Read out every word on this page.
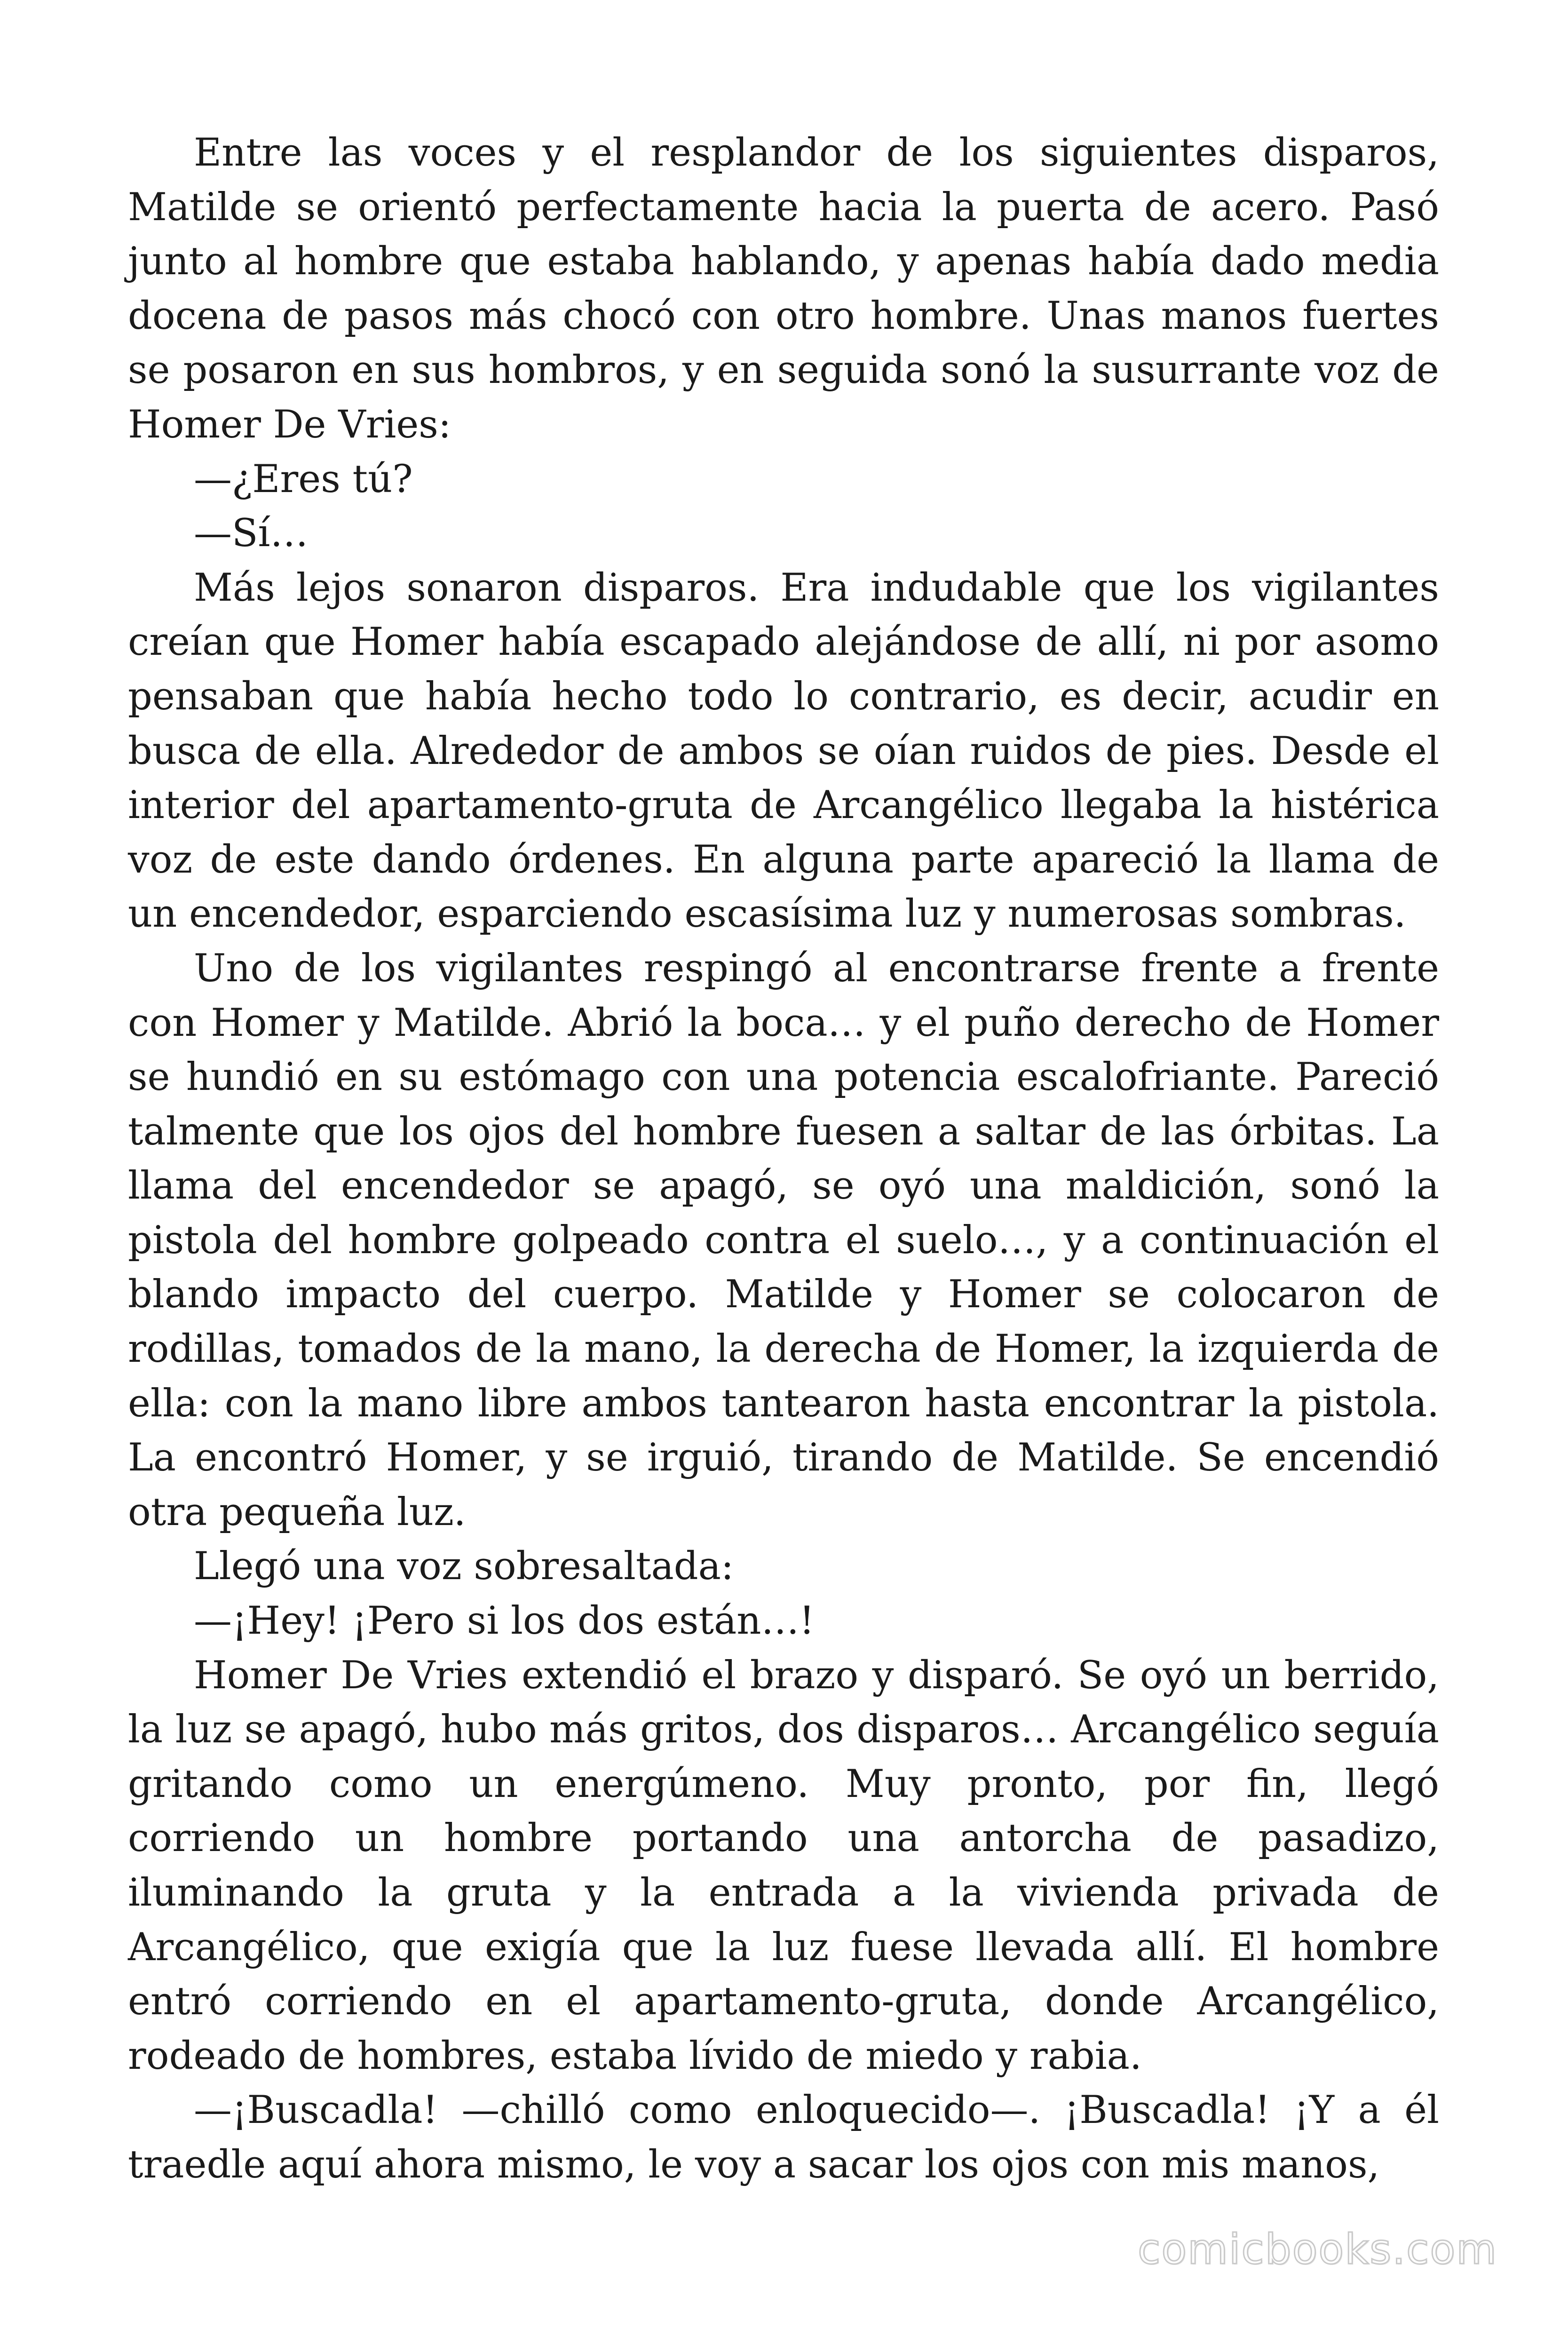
Entre las voces y el resplandor de los siguientes disparos, Matilde se orientó perfectamente hacia la puerta de acero. Pasó junto al hombre que estaba hablando, y apenas había dado media docena de pasos más chocó con otro hombre. Unas manos fuertes se posaron en sus hombros, y en seguida sonó la susurrante voz de Homer De Vries:

—¿Eres tú?

—Sí…

Más lejos sonaron disparos. Era indudable que los vigilantes creían que Homer había escapado alejándose de allí, ni por asomo pensaban que había hecho todo lo contrario, es decir, acudir en busca de ella. Alrededor de ambos se oían ruidos de pies. Desde el interior del apartamento-gruta de Arcangélico llegaba la histérica voz de este dando órdenes. En alguna parte apareció la llama de un encendedor, esparciendo escasísima luz y numerosas sombras.

Uno de los vigilantes respingó al encontrarse frente a frente con Homer y Matilde. Abrió la boca… y el puño derecho de Homer se hundió en su estómago con una potencia escalofriante. Pareció talmente que los ojos del hombre fuesen a saltar de las órbitas. La llama del encendedor se apagó, se oyó una maldición, sonó la pistola del hombre golpeado contra el suelo…, y a continuación el blando impacto del cuerpo. Matilde y Homer se colocaron de rodillas, tomados de la mano, la derecha de Homer, la izquierda de ella: con la mano libre ambos tantearon hasta encontrar la pistola. La encontró Homer, y se irguió, tirando de Matilde. Se encendió otra pequeña luz.

Llegó una voz sobresaltada:

—¡Hey! ¡Pero si los dos están…!

Homer De Vries extendió el brazo y disparó. Se oyó un berrido, la luz se apagó, hubo más gritos, dos disparos… Arcangélico seguía gritando como un energúmeno. Muy pronto, por fin, llegó corriendo un hombre portando una antorcha de pasadizo, iluminando la gruta y la entrada a la vivienda privada de Arcangélico, que exigía que la luz fuese llevada allí. El hombre entró corriendo en el apartamento-gruta, donde Arcangélico, rodeado de hombres, estaba lívido de miedo y rabia.

—¡Buscadla! —chilló como enloquecido—. ¡Buscadla! ¡Y a él traedle aquí ahora mismo, le voy a sacar los ojos con mis manos,

comicbooks.com
